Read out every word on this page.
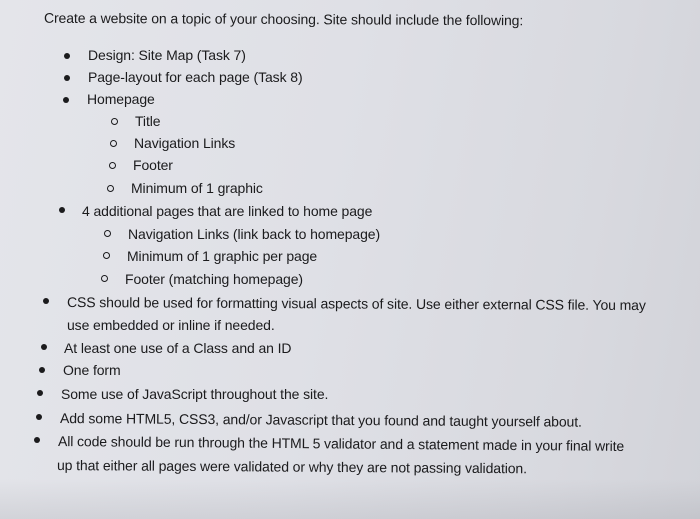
Create a website on a topic of your choosing. Site should include the following:
Design: Site Map (Task 7)
Page-layout for each page (Task 8)
Homepage
Title
Navigation Links
Footer
Minimum of 1 graphic
4 additional pages that are linked to home page
Navigation Links (link back to homepage)
Minimum of 1 graphic per page
Footer (matching homepage)
CSS should be used for formatting visual aspects of site. Use either external CSS file. You may
use embedded or inline if needed.
At least one use of a Class and an ID
One form
Some use of JavaScript throughout the site.
Add some HTML5, CSS3, and/or Javascript that you found and taught yourself about.
All code should be run through the HTML 5 validator and a statement made in your final write
up that either all pages were validated or why they are not passing validation.
